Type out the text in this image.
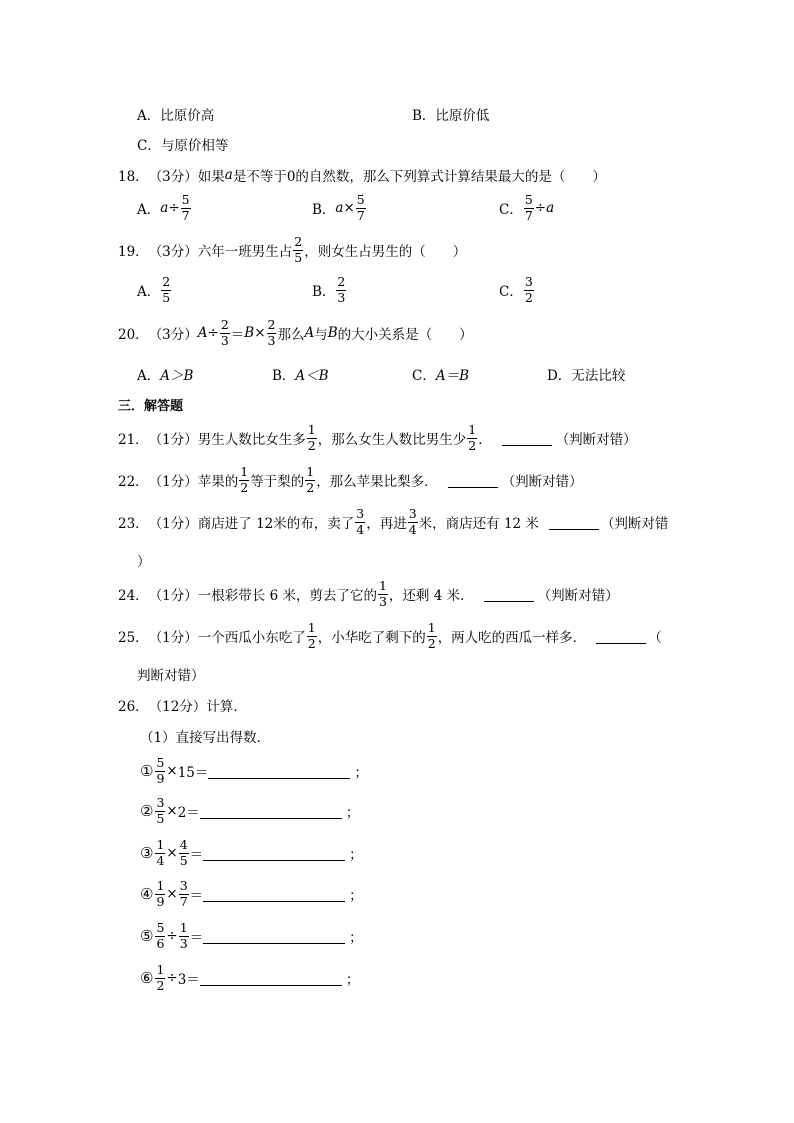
A．比原价高	B．比原价低
C．与原价相等
18． （3分） 如果 a 是不等于0的自然数，那么下列算式计算结果最大的是（　　）
A． $a \div \frac{5}{7}$	B． $a \times \frac{5}{7}$	C． $\frac{5}{7} \div a$
19． （3分） 六年一班男生占 $\frac{2}{5}$ ，则女生占男生的（　　）
A． $\frac{2}{5}$	B． $\frac{2}{3}$	C． $\frac{3}{2}$
20． （3分） $A \div \frac{2}{3} = B \times \frac{2}{3}$ 那么 A 与 B 的大小关系是（　　）
A． A＞B	B． A＜B	C． A＝B	D．无法比较
三．解答题
21． （1分） 男生人数比女生多 $\frac{1}{2}$ ，那么女生人数比男生少 $\frac{1}{2}$ ．	（判断对错）
22． （1分） 苹果的 $\frac{1}{2}$ 等于梨的 $\frac{1}{2}$ ，那么苹果比梨多．	（判断对错）
23． （1分） 商店进了 12米的布，卖了 $\frac{3}{4}$ ，再进 $\frac{3}{4}$ 米，商店还有 12 米	（判断对错
）
24． （1分） 一根彩带长 6 米，剪去了它的 $\frac{1}{3}$ ，还剩 4 米．	（判断对错）
25． （1分） 一个西瓜小东吃了 $\frac{1}{2}$ ，小华吃了剩下的 $\frac{1}{2}$ ，两人吃的西瓜一样多．	（
判断对错）
26． （12分） 计算．
（1）直接写出得数．
① $\frac{5}{9} \times 15=$	；
② $\frac{3}{5} \times 2=$	；
③ $\frac{1}{4} \times \frac{4}{5}$ ＝	；
④ $\frac{1}{9} \times \frac{3}{7}$ ＝	；
⑤ $\frac{5}{6} \div \frac{1}{3}$ ＝	；
⑥ $\frac{1}{2} \div 3=$	；
